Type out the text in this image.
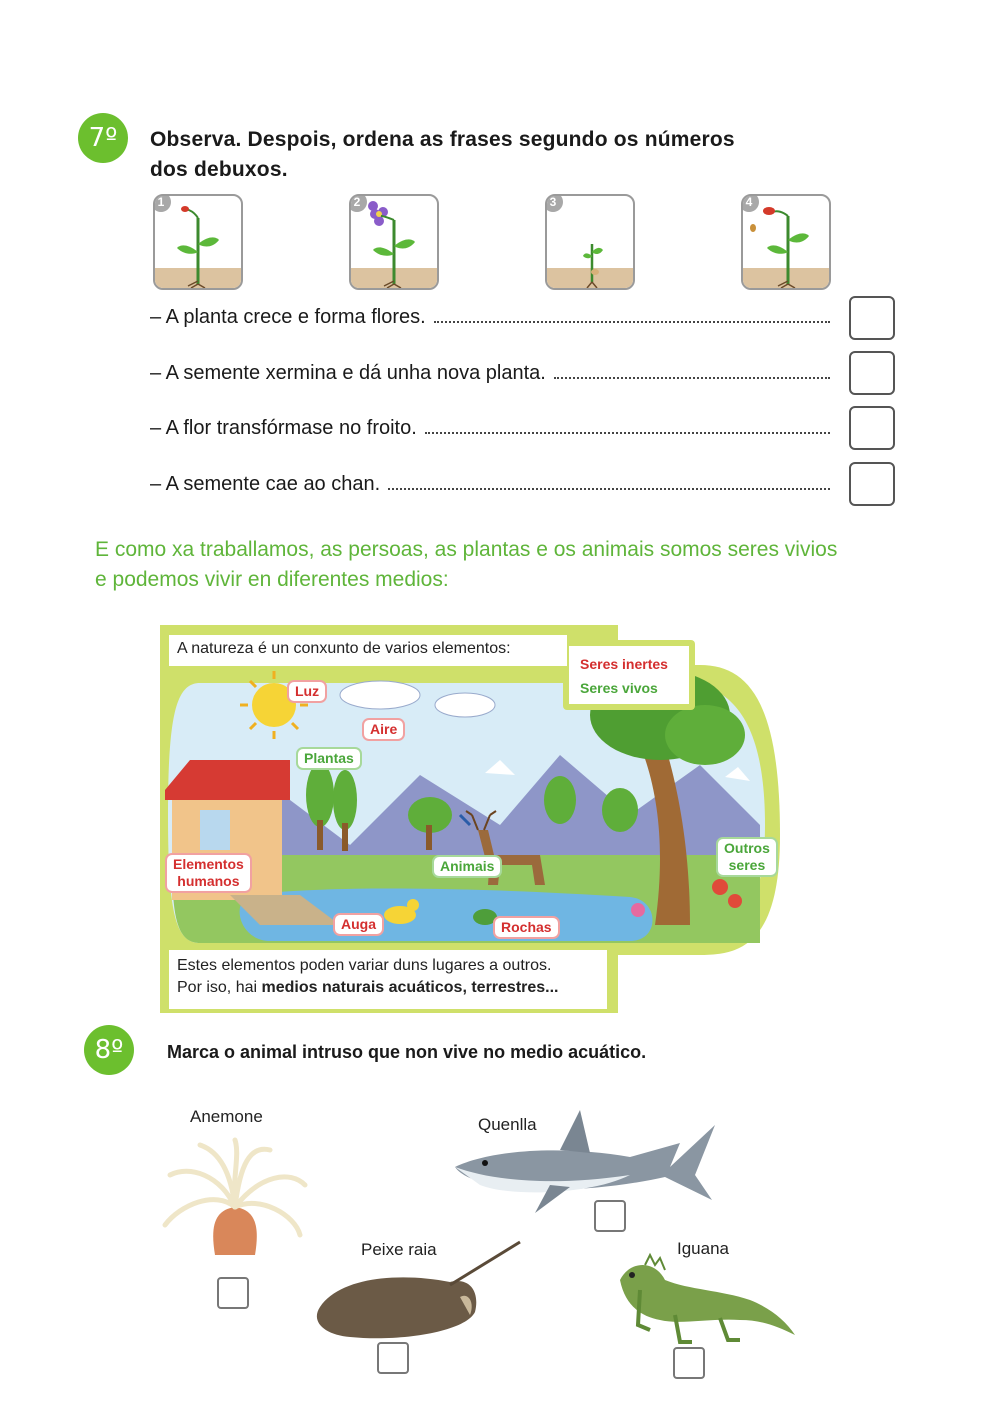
7º	Observa. Despois, ordena as frases segundo os números
dos debuxos.
1	2	3	4
– A planta crece e forma flores.
– A semente xermina e dá unha nova planta.
– A flor transfórmase no froito.
– A semente cae ao chan.
E como xa traballamos, as persoas, as plantas e os animais somos seres vivios
e podemos vivir en diferentes medios:
Seres inertes
Seres vivos
A natureza é un conxunto de varios elementos:
Luz
Aire
Plantas
Elementos
humanos
Animais
Auga	Rochas
Outros
seres
Estes elementos poden variar duns lugares a outros.
Por iso, hai medios naturais acuáticos, terrestres...
8º	Marca o animal intruso que non vive no medio acuático.
Anemone	Quenlla
Peixe raia	Iguana
